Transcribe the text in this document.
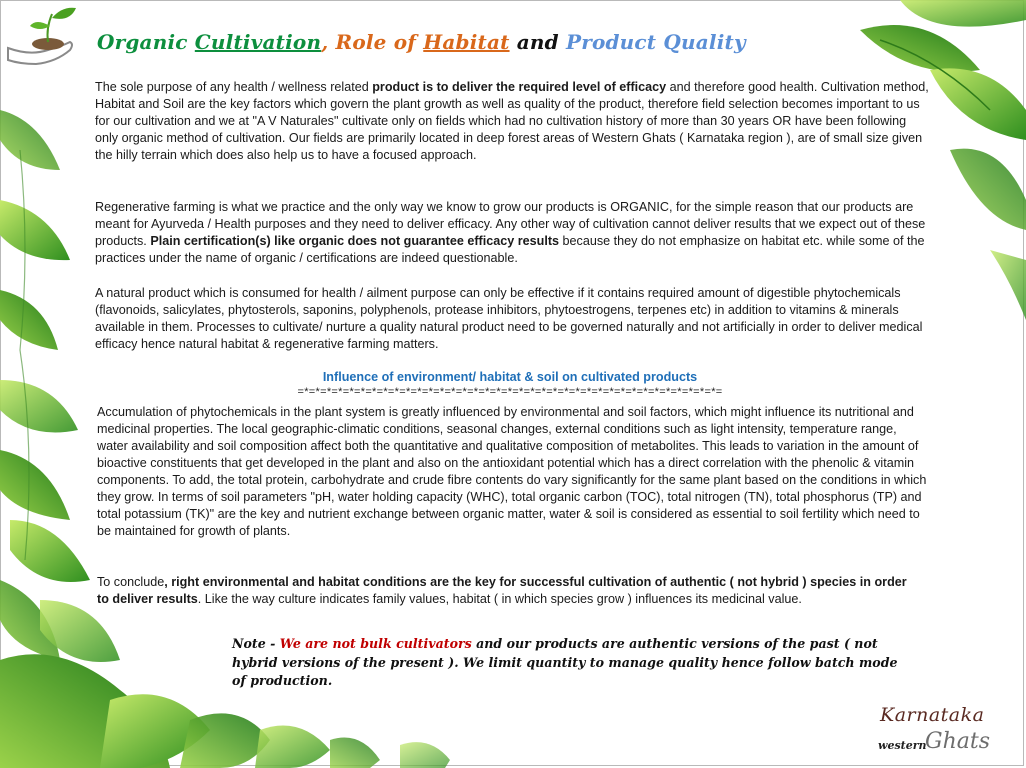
Organic Cultivation, Role of Habitat and Product Quality

The sole purpose of any health / wellness related product is to deliver the required level of efficacy and therefore good health. Cultivation method, Habitat and Soil are the key factors which govern the plant growth as well as quality of the product, therefore field selection becomes important to us for our cultivation and we at "A V Naturales" cultivate only on fields which had no cultivation history of more than 30 years OR have been following only organic method of cultivation. Our fields are primarily located in deep forest areas of Western Ghats ( Karnataka region ), are of small size given the hilly terrain which does also help us to have a focused approach.

Regenerative farming is what we practice and the only way we know to grow our products is ORGANIC, for the simple reason that our products are meant for Ayurveda / Health purposes and they need to deliver efficacy. Any other way of cultivation cannot deliver results that we expect out of these products. Plain certification(s) like organic does not guarantee efficacy results because they do not emphasize on habitat etc. while some of the practices under the name of organic / certifications are indeed questionable.

A natural product which is consumed for health / ailment purpose can only be effective if it contains required amount of digestible phytochemicals (flavonoids, salicylates, phytosterols, saponins, polyphenols, protease inhibitors, phytoestrogens, terpenes etc) in addition to vitamins & minerals available in them. Processes to cultivate/ nurture a quality natural product need to be governed naturally and not artificially in order to deliver medical efficacy hence natural habitat & regenerative farming matters.

Influence of environment/ habitat & soil on cultivated products
=*=*=*=*=*=*=*=*=*=*=*=*=*=*=*=*=*=*=*=*=*=*=*=*=*=*=*=*=*=*=*=*=*=*=*=*=*=

Accumulation of phytochemicals in the plant system is greatly influenced by environmental and soil factors, which might influence its nutritional and medicinal properties. The local geographic-climatic conditions, seasonal changes, external conditions such as light intensity, temperature range, water availability and soil composition affect both the quantitative and qualitative composition of metabolites. This leads to variation in the amount of bioactive constituents that get developed in the plant and also on the antioxidant potential which has a direct correlation with the phenolic & vitamin components. To add, the total protein, carbohydrate and crude fibre contents do vary significantly for the same plant based on the conditions in which they grow. In terms of soil parameters "pH, water holding capacity (WHC), total organic carbon (TOC), total nitrogen (TN), total phosphorus (TP) and total potassium (TK)" are the key and nutrient exchange between organic matter, water & soil is considered as essential to soil fertility which need to be maintained for growth of plants.

To conclude, right environmental and habitat conditions are the key for successful cultivation of authentic ( not hybrid ) species in order to deliver results. Like the way culture indicates family values, habitat ( in which species grow ) influences its medicinal value.

Note - We are not bulk cultivators and our products are authentic versions of the past ( not hybrid versions of the present ). We limit quantity to manage quality hence follow batch mode of production.

Karnataka
western
Ghats
